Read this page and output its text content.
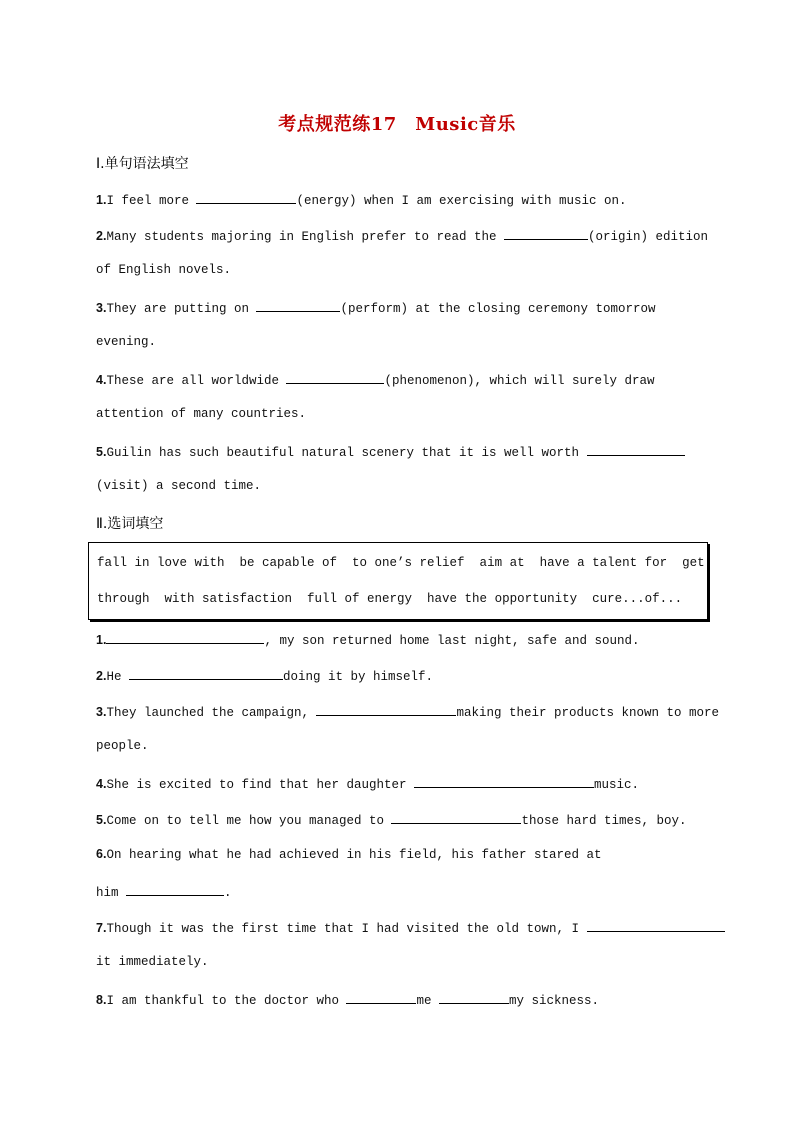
考点规范练17　Music音乐
Ⅰ.单句语法填空
1.I feel more	(energy) when I am exercising with music on.
2.Many students majoring in English prefer to read the	(origin) edition
of English novels.
3.They are putting on	(perform) at the closing ceremony tomorrow
evening.
4.These are all worldwide	(phenomenon), which will surely draw
attention of many countries.
5.Guilin has such beautiful natural scenery that it is well worth
(visit) a second time.
Ⅱ.选词填空
fall in love with  be capable of  to one’s relief  aim at  have a talent for  get
through  with satisfaction  full of energy  have the opportunity  cure...of...
1.	, my son returned home last night, safe and sound.
2.He	doing it by himself.
3.They launched the campaign,	making their products known to more
people.
4.She is excited to find that her daughter	music.
5.Come on to tell me how you managed to	those hard times, boy.
6.On hearing what he had achieved in his field, his father stared at
him	.
7.Though it was the first time that I had visited the old town, I
it immediately.
8.I am thankful to the doctor who	me	my sickness.
